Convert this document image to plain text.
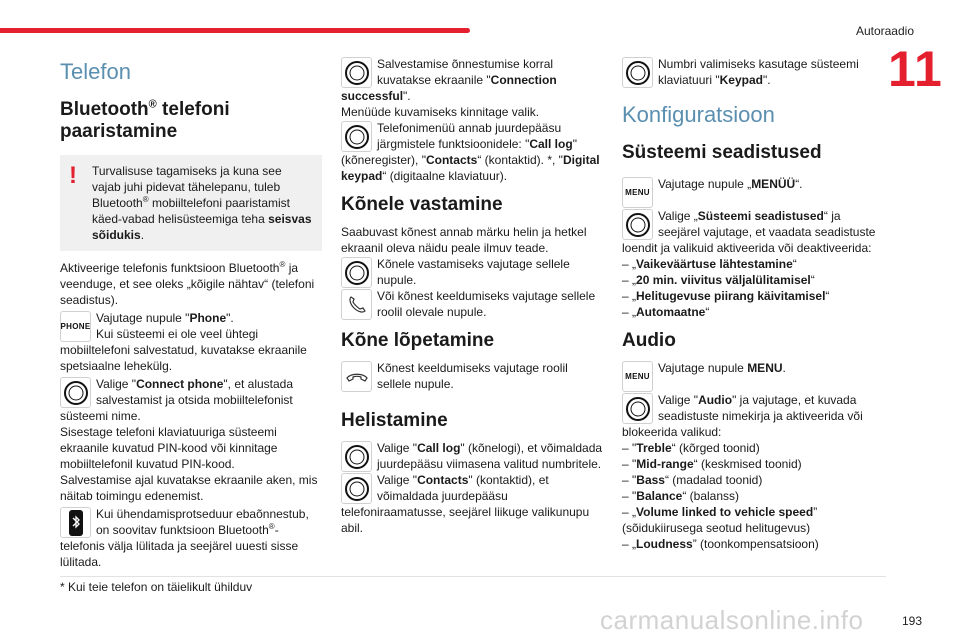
Autoraadio
11
Telefon
Bluetooth® telefoni paaristamine
! Turvalisuse tagamiseks ja kuna see vajab juhi pidevat tähelepanu, tuleb Bluetooth® mobiiltelefoni paaristamist käed-vabad helisüsteemiga teha seisvas sõidukis.

Aktiveerige telefonis funktsioon Bluetooth® ja veenduge, et see oleks „kõigile nähtav“ (telefoni seadistus).

PHONE

Vajutage nupule "Phone".

Kui süsteemi ei ole veel ühtegi mobiiltelefoni salvestatud, kuvatakse ekraanile spetsiaalne lehekülg.

Valige "Connect phone", et alustada salvestamist ja otsida mobiiltelefonist süsteemi nime.

Sisestage telefoni klaviatuuriga süsteemi ekraanile kuvatud PIN-kood või kinnitage mobiiltelefonil kuvatud PIN-kood.

Salvestamise ajal kuvatakse ekraanile aken, mis näitab toimingu edenemist.

Kui ühendamisprotseduur ebaõnnestub, on soovitav funktsioon Bluetooth®-telefonis välja lülitada ja seejärel uuesti sisse lülitada.

Salvestamise õnnestumise korral kuvatakse ekraanile "Connection successful".

Menüüde kuvamiseks kinnitage valik.

Telefonimenüü annab juurdepääsu järgmistele funktsioonidele: "Call log" (kõneregister), "Contacts“ (kontaktid). *, "Digital keypad“ (digitaalne klaviatuur).

Kõnele vastamine

Saabuvast kõnest annab märku helin ja hetkel ekraanil oleva näidu peale ilmuv teade.

Kõnele vastamiseks vajutage sellele nupule.

Või kõnest keeldumiseks vajutage sellele roolil olevale nupule.

Kõne lõpetamine

Kõnest keeldumiseks vajutage roolil sellele nupule.

Helistamine

Valige "Call log" (kõnelogi), et võimaldada juurdepääsu viimasena valitud numbritele.

Valige "Contacts" (kontaktid), et võimaldada juurdepääsu telefoniraamatusse, seejärel liikuge valikunupu abil.

Numbri valimiseks kasutage süsteemi klaviatuuri "Keypad".

Konfiguratsioon
Süsteemi seadistused
MENU

Vajutage nupule „MENÜÜ“.

Valige „Süsteemi seadistused“ ja seejärel vajutage, et vaadata seadistuste loendit ja valikuid aktiveerida või deaktiveerida:

– „Vaikeväärtuse lähtestamine“
– „20 min. viivitus väljalülitamisel“
– „Helitugevuse piirang käivitamisel“
– „Automaatne“
Audio
MENU

Vajutage nupule MENU.

Valige "Audio" ja vajutage, et kuvada seadistuste nimekirja ja aktiveerida või blokeerida valikud:

– "Treble“ (kõrged toonid)
– "Mid-range“ (keskmised toonid)
– "Bass“ (madalad toonid)
– "Balance“ (balanss)
– „Volume linked to vehicle speed” (sõidukiirusega seotud helitugevus)
– „Loudness” (toonkompensatsioon)
* Kui teie telefon on täielikult ühilduv
carmanualsonline.info	193
